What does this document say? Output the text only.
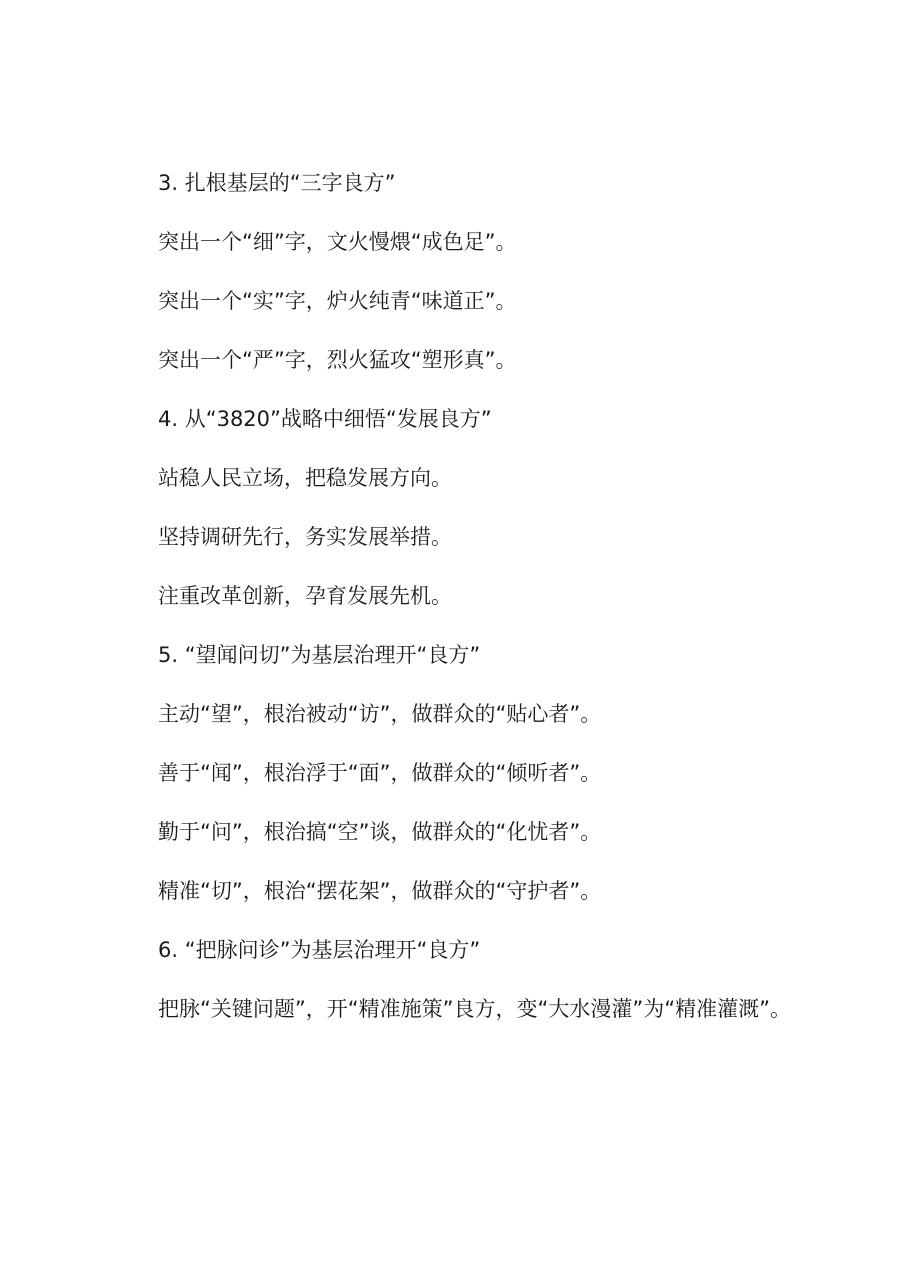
3. 扎根基层的“三字良方”
突出一个“细”字，文火慢煨“成色足”。
突出一个“实”字，炉火纯青“味道正”。
突出一个“严”字，烈火猛攻“塑形真”。
4. 从“3820”战略中细悟“发展良方”
站稳人民立场，把稳发展方向。
坚持调研先行，务实发展举措。
注重改革创新，孕育发展先机。
5. “望闻问切”为基层治理开“良方”
主动“望”，根治被动“访”，做群众的“贴心者”。
善于“闻”，根治浮于“面”，做群众的“倾听者”。
勤于“问”，根治搞“空”谈，做群众的“化忧者”。
精准“切”，根治“摆花架”，做群众的“守护者”。
6. “把脉问诊”为基层治理开“良方”
把脉“关键问题”，开“精准施策”良方，变“大水漫灌”为“精准灌溉”。
